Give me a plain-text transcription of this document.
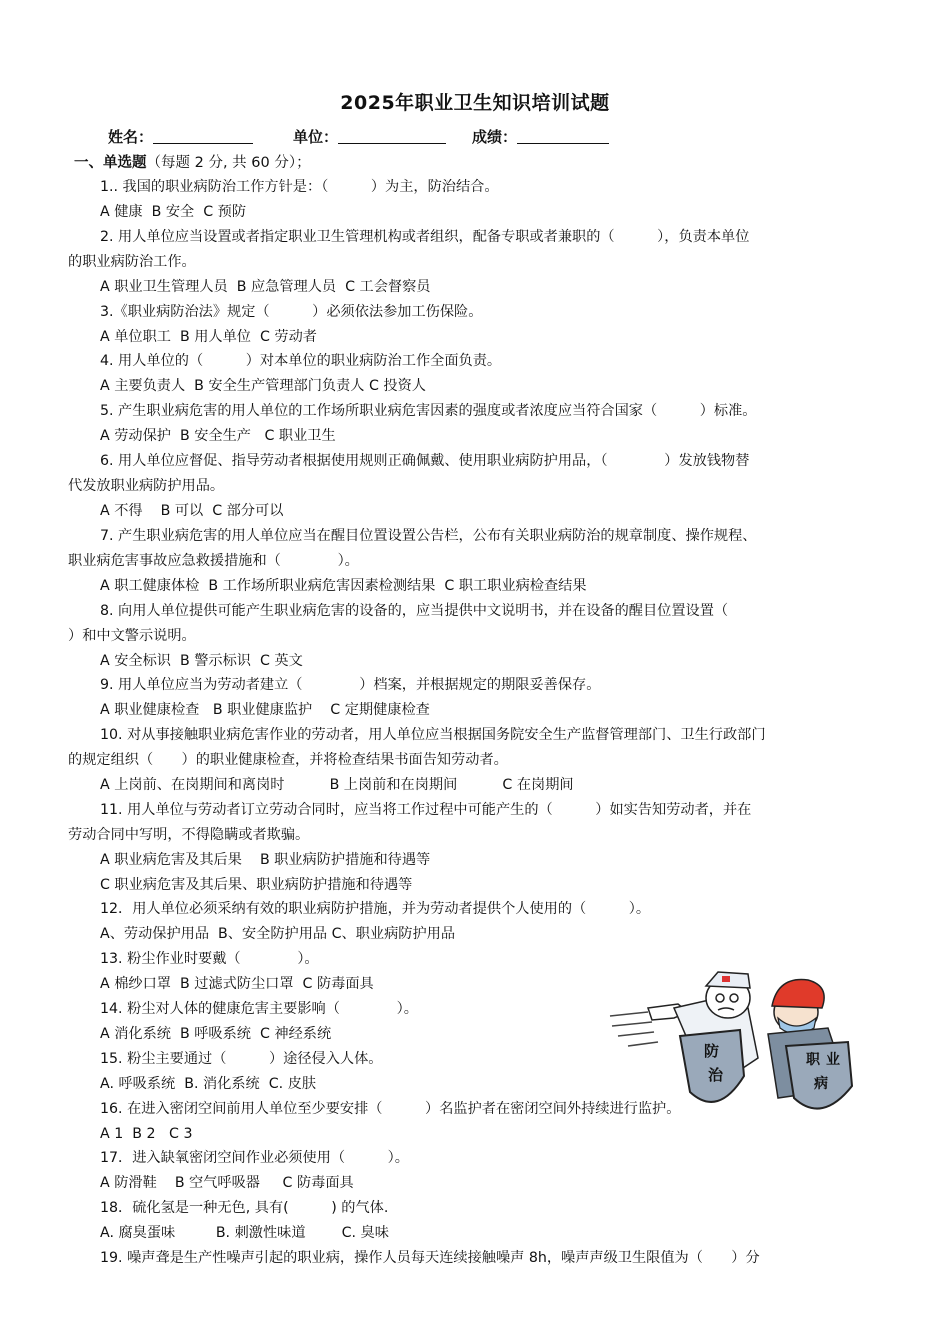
2025年职业卫生知识培训试题
姓名：	单位：	成绩：
一、单选题（每题 2 分, 共 60 分）；
1.. 我国的职业病防治工作方针是：（　　　）为主，防治结合。
A 健康  B 安全  C 预防
2. 用人单位应当设置或者指定职业卫生管理机构或者组织，配备专职或者兼职的（　　　），负责本单位
的职业病防治工作。
A 职业卫生管理人员  B 应急管理人员  C 工会督察员
3.《职业病防治法》规定（　　　）必须依法参加工伤保险。
A 单位职工  B 用人单位  C 劳动者
4. 用人单位的（　　　）对本单位的职业病防治工作全面负责。
A 主要负责人  B 安全生产管理部门负责人 C 投资人
5. 产生职业病危害的用人单位的工作场所职业病危害因素的强度或者浓度应当符合国家（　　　）标准。
A 劳动保护  B 安全生产   C 职业卫生
6. 用人单位应督促、指导劳动者根据使用规则正确佩戴、使用职业病防护用品，（　　　　）发放钱物替
代发放职业病防护用品。
A 不得    B 可以  C 部分可以
7. 产生职业病危害的用人单位应当在醒目位置设置公告栏，公布有关职业病防治的规章制度、操作规程、
职业病危害事故应急救援措施和（　　　　）。
A 职工健康体检  B 工作场所职业病危害因素检测结果  C 职工职业病检查结果
8. 向用人单位提供可能产生职业病危害的设备的，应当提供中文说明书，并在设备的醒目位置设置（
）和中文警示说明。
A 安全标识  B 警示标识  C 英文
9. 用人单位应当为劳动者建立（　　　　）档案，并根据规定的期限妥善保存。
A 职业健康检查   B 职业健康监护    C 定期健康检查
10. 对从事接触职业病危害作业的劳动者，用人单位应当根据国务院安全生产监督管理部门、卫生行政部门
的规定组织（　　）的职业健康检查，并将检查结果书面告知劳动者。
A 上岗前、在岗期间和离岗时          B 上岗前和在岗期间          C 在岗期间
11. 用人单位与劳动者订立劳动合同时，应当将工作过程中可能产生的（　　　）如实告知劳动者，并在
劳动合同中写明，不得隐瞒或者欺骗。
A 职业病危害及其后果    B 职业病防护措施和待遇等
C 职业病危害及其后果、职业病防护措施和待遇等
12．用人单位必须采纳有效的职业病防护措施，并为劳动者提供个人使用的（　　　）。
A、劳动保护用品  B、安全防护用品 C、职业病防护用品
13. 粉尘作业时要戴（　　　　）。
A 棉纱口罩  B 过滤式防尘口罩  C 防毒面具
14. 粉尘对人体的健康危害主要影响（　　　　）。
A 消化系统  B 呼吸系统  C 神经系统
15. 粉尘主要通过（　　　）途径侵入人体。
A. 呼吸系统  B. 消化系统  C. 皮肤
16. 在进入密闭空间前用人单位至少要安排（　　　）名监护者在密闭空间外持续进行监护。
A 1  B 2   C 3
17．进入缺氧密闭空间作业必须使用（　　　）。
A 防滑鞋    B 空气呼吸器     C 防毒面具
18．硫化氢是一种无色, 具有(　　　) 的气体.
A. 腐臭蛋味         B. 刺激性味道        C. 臭味
19. 噪声聋是生产性噪声引起的职业病，操作人员每天连续接触噪声 8h，噪声声级卫生限值为（　　）分
防
治
职 业
病
